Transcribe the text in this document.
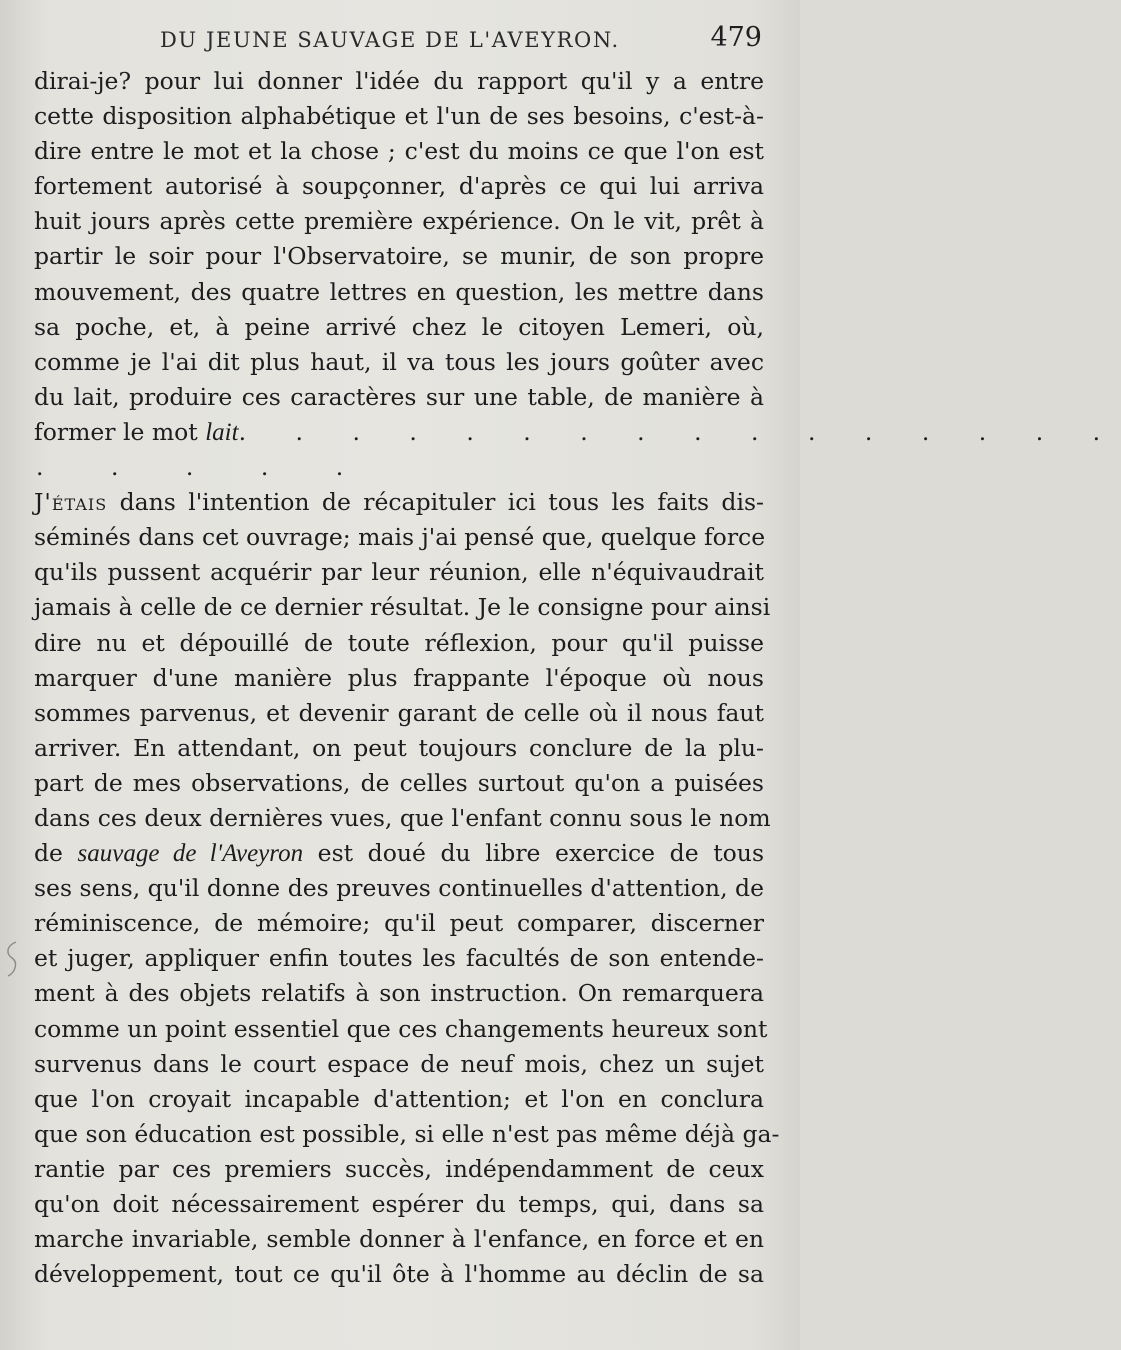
DU JEUNE SAUVAGE DE L'AVEYRON.	479
dirai-je? pour lui donner l'idée du rapport qu'il y a entre
cette disposition alphabétique et l'un de ses besoins, c'est-à-
dire entre le mot et la chose ; c'est du moins ce que l'on est
fortement autorisé à soupçonner, d'après ce qui lui arriva
huit jours après cette première expérience. On le vit, prêt à
partir le soir pour l'Observatoire, se munir, de son propre
mouvement, des quatre lettres en question, les mettre dans
sa poche, et, à peine arrivé chez le citoyen Lemeri, où,
comme je l'ai dit plus haut, il va tous les jours goûter avec
du lait, produire ces caractères sur une table, de manière à
former le mot lait. . . . . . . . . . . . . . . .
. . . . .
J'étais dans l'intention de récapituler ici tous les faits dis-
séminés dans cet ouvrage; mais j'ai pensé que, quelque force
qu'ils pussent acquérir par leur réunion, elle n'équivaudrait
jamais à celle de ce dernier résultat. Je le consigne pour ainsi
dire nu et dépouillé de toute réflexion, pour qu'il puisse
marquer d'une manière plus frappante l'époque où nous
sommes parvenus, et devenir garant de celle où il nous faut
arriver. En attendant, on peut toujours conclure de la plu-
part de mes observations, de celles surtout qu'on a puisées
dans ces deux dernières vues, que l'enfant connu sous le nom
de sauvage de l'Aveyron est doué du libre exercice de tous
ses sens, qu'il donne des preuves continuelles d'attention, de
réminiscence, de mémoire; qu'il peut comparer, discerner
et juger, appliquer enfin toutes les facultés de son entende-
ment à des objets relatifs à son instruction. On remarquera
comme un point essentiel que ces changements heureux sont
survenus dans le court espace de neuf mois, chez un sujet
que l'on croyait incapable d'attention; et l'on en conclura
que son éducation est possible, si elle n'est pas même déjà ga-
rantie par ces premiers succès, indépendamment de ceux
qu'on doit nécessairement espérer du temps, qui, dans sa
marche invariable, semble donner à l'enfance, en force et en
développement, tout ce qu'il ôte à l'homme au déclin de sa
